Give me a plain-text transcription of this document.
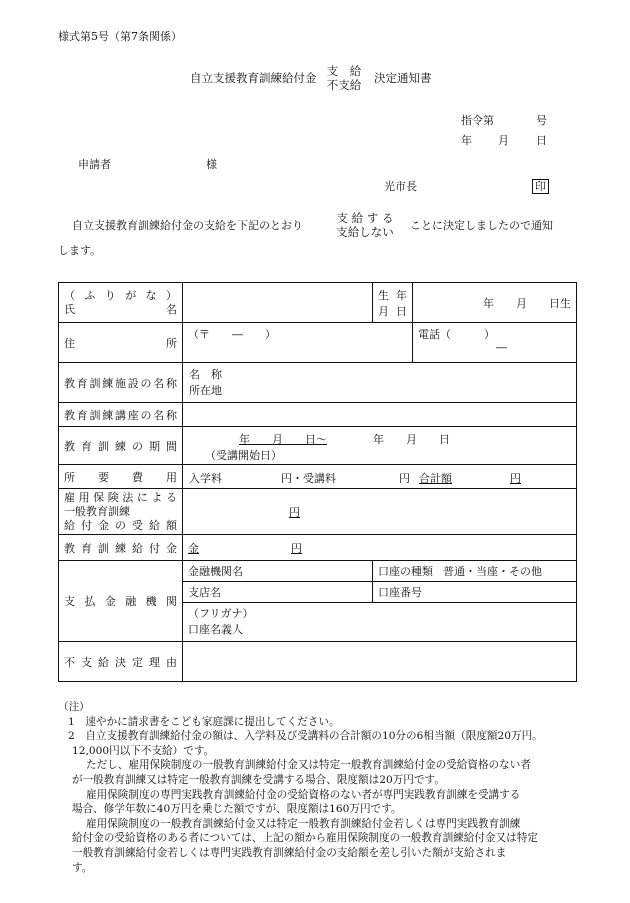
様式第5号（第7条関係）
自立支援教育訓練給付金 支　給
不支給
決定通知書
指令第	号
年 月 日
申請者	様
光市長	印
自立支援教育訓練給付金の支給を下記のとおり
支 給 す る
支給しない	ことに決定しましたので通知
します。
（ ふ り が な ）
氏　　名		生年月日	年　　月　　日生
住　所	（〒　　―　　）		電話（　　　）
―

教育訓練施設の名称	名　称
所在地		

教育訓練講座の名称			
教育訓練の期間	年　　月　　日～ 年　　月　　日
（受講開始日）		

所要費用	入学料 円・受講料 円 合計額 円		

雇用保険法による
一般教育訓練
給付金の受給額	円		
教育訓練給付金	金 円		
支払金融機関	金融機関名	口座の種類 普通・当座・その他	
	支店名	口座番号	

	（フリガナ）
口座名義人		

不支給決定理由			

（注）

1　速やかに請求書をこども家庭課に提出してください。

2　自立支援教育訓練給付金の額は、入学料及び受講料の合計額の10分の6相当額（限度額20万円。

12,000円以下不支給）です。

ただし、雇用保険制度の一般教育訓練給付金又は特定一般教育訓練給付金の受給資格のない者

が一般教育訓練又は特定一般教育訓練を受講する場合、限度額は20万円です。

雇用保険制度の専門実践教育訓練給付金の受給資格のない者が専門実践教育訓練を受講する

場合、修学年数に40万円を乗じた額ですが、限度額は160万円です。

雇用保険制度の一般教育訓練給付金又は特定一般教育訓練給付金若しくは専門実践教育訓練

給付金の受給資格のある者については、上記の額から雇用保険制度の一般教育訓練給付金又は特定

一般教育訓練給付金若しくは専門実践教育訓練給付金の支給額を差し引いた額が支給されま

す。
